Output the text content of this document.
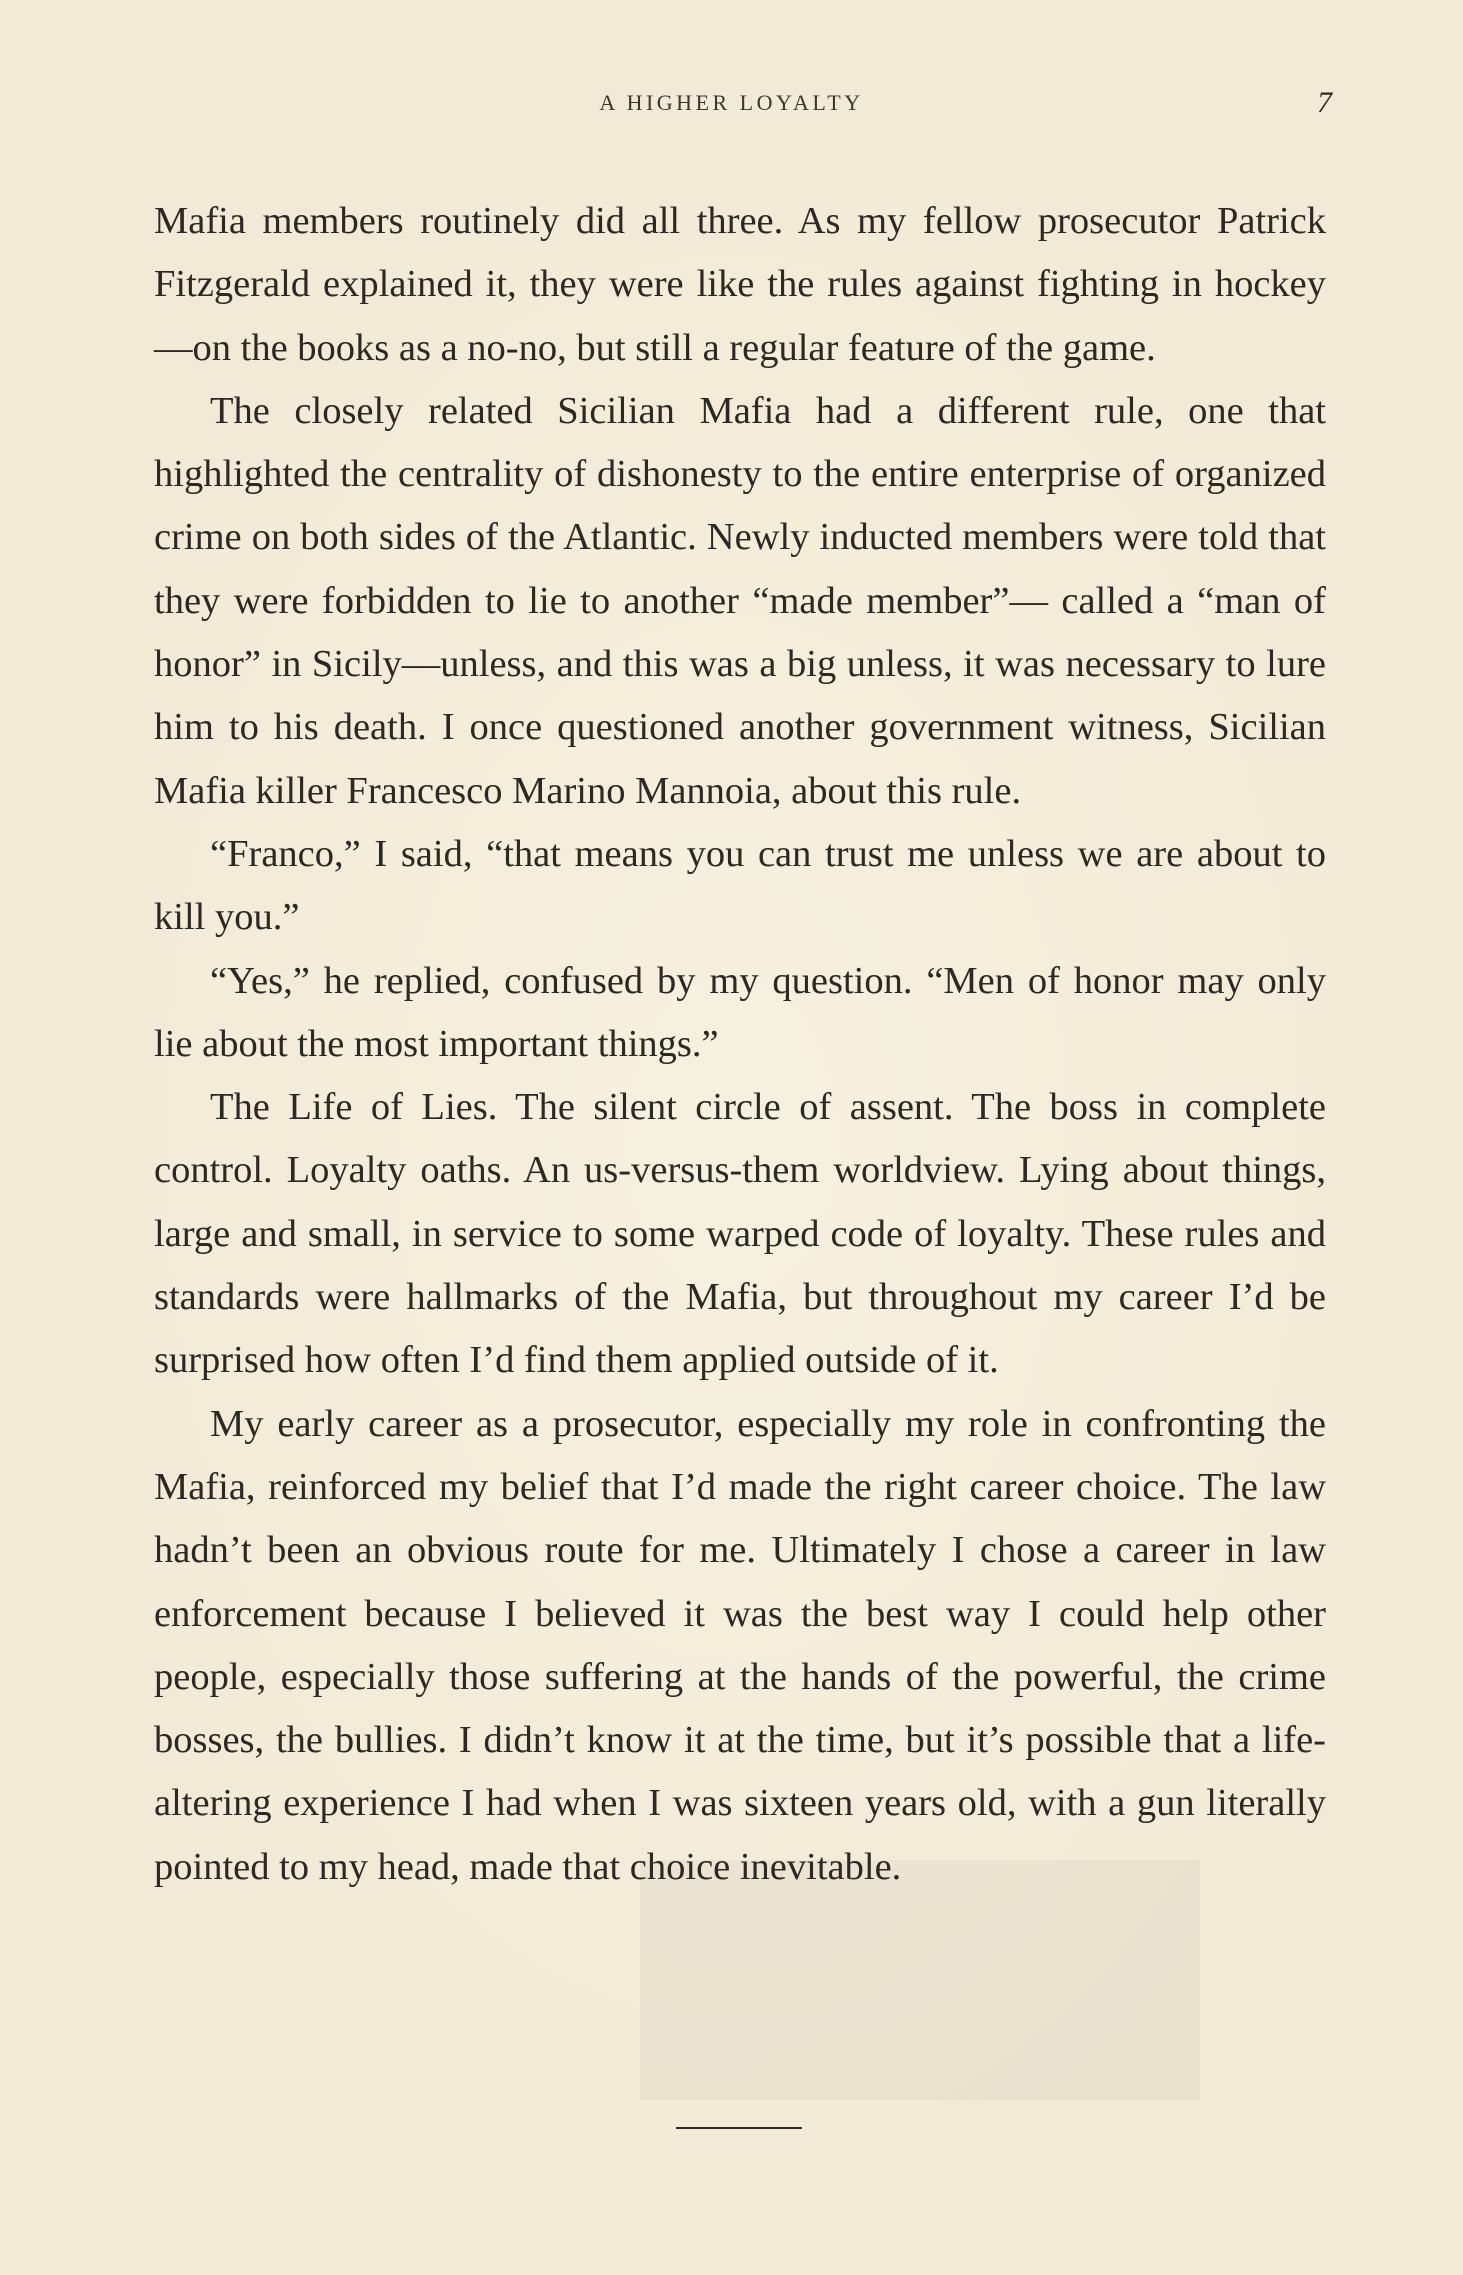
A HIGHER LOYALTY	7

Mafia members routinely did all three. As my fellow prosecutor Patrick Fitzgerald explained it, they were like the rules against fighting in hockey—on the books as a no-no, but still a regular feature of the game.

The closely related Sicilian Mafia had a different rule, one that highlighted the centrality of dishonesty to the entire enterprise of organized crime on both sides of the Atlantic. Newly inducted members were told that they were forbidden to lie to another “made member”— called a “man of honor” in Sicily—unless, and this was a big unless, it was necessary to lure him to his death. I once questioned another government witness, Sicilian Mafia killer Francesco Marino Mannoia, about this rule.

“Franco,” I said, “that means you can trust me unless we are about to kill you.”

“Yes,” he replied, confused by my question. “Men of honor may only lie about the most important things.”

The Life of Lies. The silent circle of assent. The boss in complete control. Loyalty oaths. An us-versus-them worldview. Lying about things, large and small, in service to some warped code of loyalty. These rules and standards were hallmarks of the Mafia, but throughout my career I’d be surprised how often I’d find them applied outside of it.

My early career as a prosecutor, especially my role in confronting the Mafia, reinforced my belief that I’d made the right career choice. The law hadn’t been an obvious route for me. Ultimately I chose a career in law enforcement because I believed it was the best way I could help other people, especially those suffering at the hands of the powerful, the crime bosses, the bullies. I didn’t know it at the time, but it’s possible that a life-altering experience I had when I was sixteen years old, with a gun literally pointed to my head, made that choice inevitable.
